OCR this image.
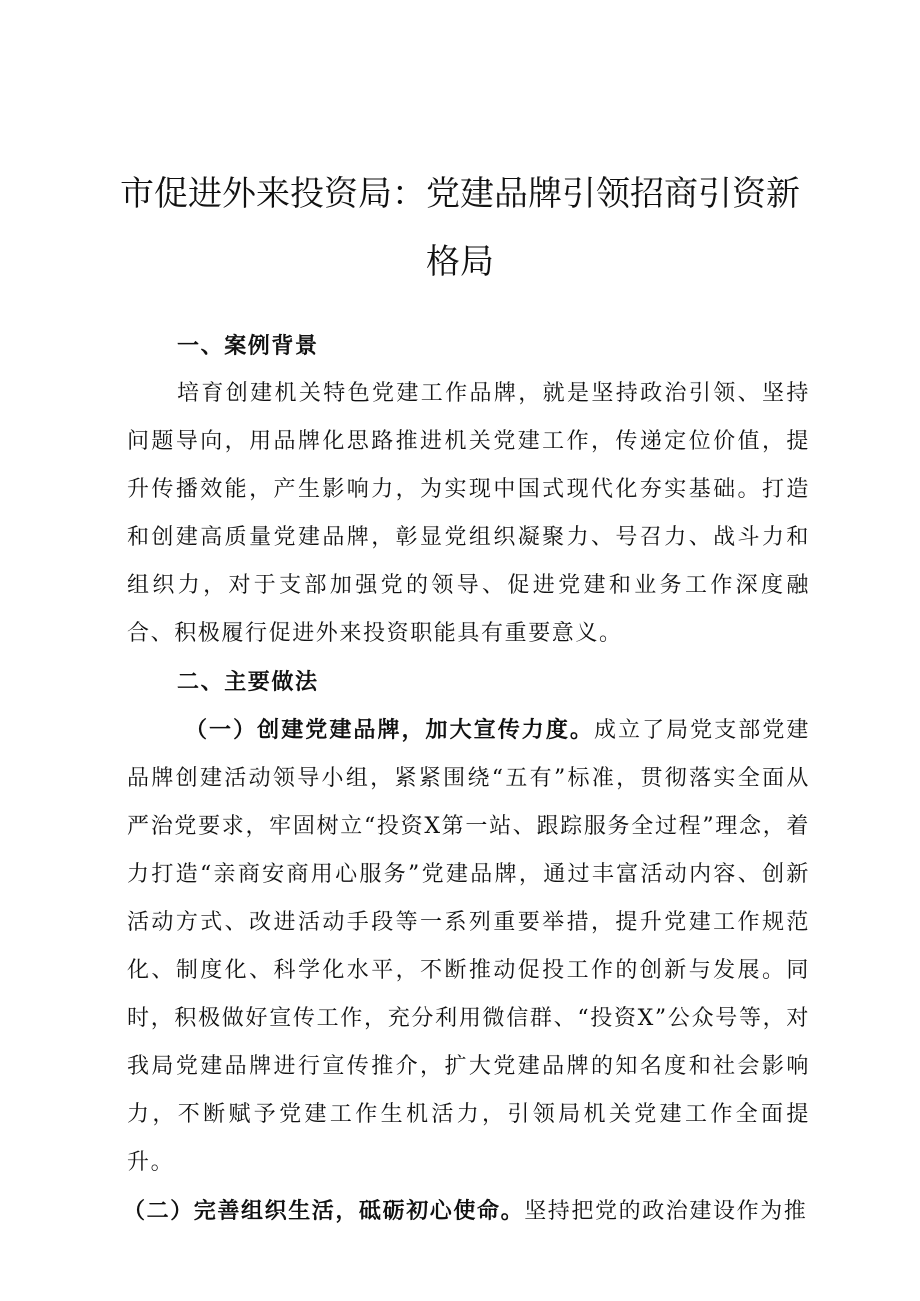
市促进外来投资局：党建品牌引领招商引资新
格局

一、案例背景

培育创建机关特色党建工作品牌，就是坚持政治引领、坚持问题导向，用品牌化思路推进机关党建工作，传递定位价值，提升传播效能，产生影响力，为实现中国式现代化夯实基础。打造和创建高质量党建品牌，彰显党组织凝聚力、号召力、战斗力和组织力，对于支部加强党的领导、促进党建和业务工作深度融合、积极履行促进外来投资职能具有重要意义。

二、主要做法

（一）创建党建品牌，加大宣传力度。成立了局党支部党建品牌创建活动领导小组，紧紧围绕“五有”标准，贯彻落实全面从严治党要求，牢固树立“投资X第一站、跟踪服务全过程”理念，着力打造“亲商安商用心服务”党建品牌，通过丰富活动内容、创新活动方式、改进活动手段等一系列重要举措，提升党建工作规范化、制度化、科学化水平，不断推动促投工作的创新与发展。同时，积极做好宣传工作，充分利用微信群、“投资X”公众号等，对我局党建品牌进行宣传推介，扩大党建品牌的知名度和社会影响力，不断赋予党建工作生机活力，引领局机关党建工作全面提升。

（二）完善组织生活，砥砺初心使命。坚持把党的政治建设作为推
